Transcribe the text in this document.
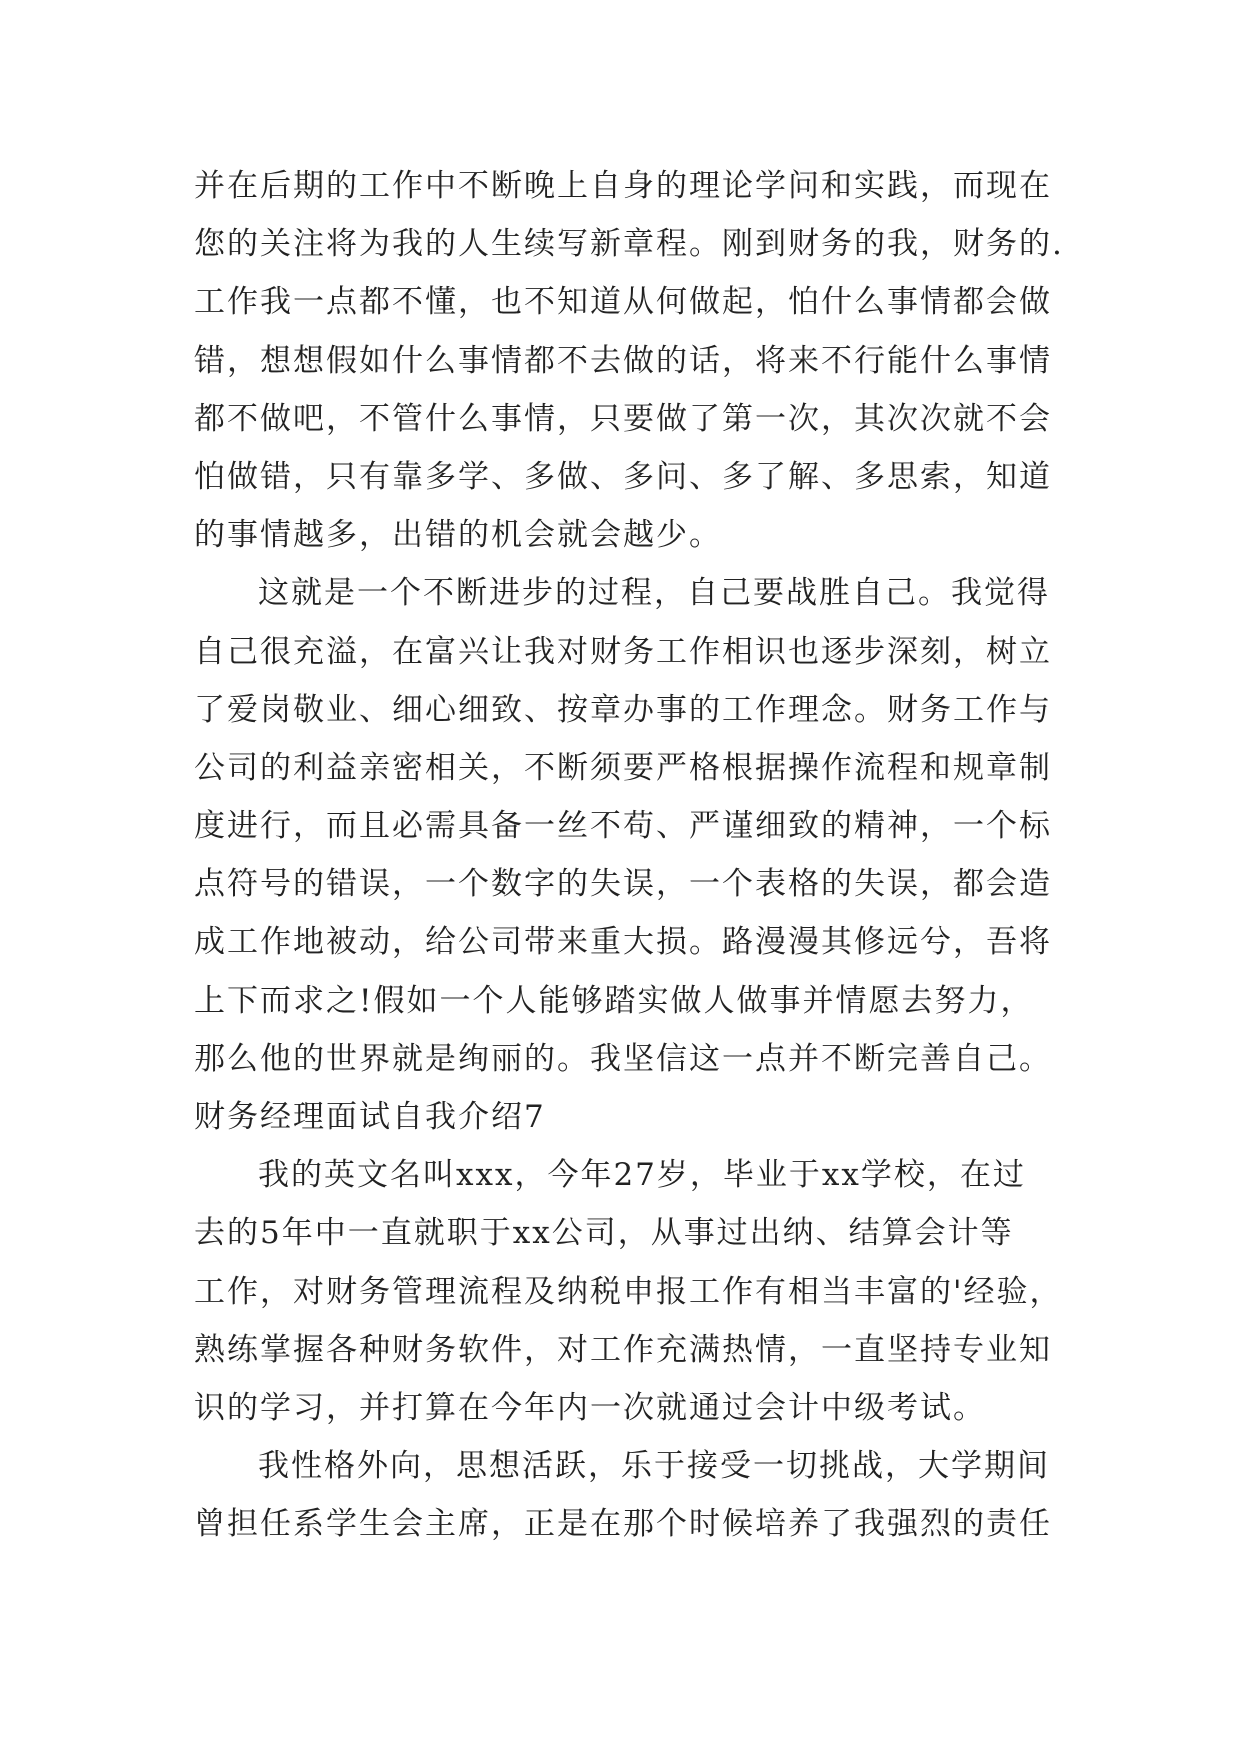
并在后期的工作中不断晚上自身的理论学问和实践，而现在
您的关注将为我的人生续写新章程。刚到财务的我，财务的.
工作我一点都不懂，也不知道从何做起，怕什么事情都会做
错，想想假如什么事情都不去做的话，将来不行能什么事情
都不做吧，不管什么事情，只要做了第一次，其次次就不会
怕做错，只有靠多学、多做、多问、多了解、多思索，知道
的事情越多，出错的机会就会越少。
这就是一个不断进步的过程，自己要战胜自己。我觉得
自己很充溢，在富兴让我对财务工作相识也逐步深刻，树立
了爱岗敬业、细心细致、按章办事的工作理念。财务工作与
公司的利益亲密相关，不断须要严格根据操作流程和规章制
度进行，而且必需具备一丝不苟、严谨细致的精神，一个标
点符号的错误，一个数字的失误，一个表格的失误，都会造
成工作地被动，给公司带来重大损。路漫漫其修远兮，吾将
上下而求之!假如一个人能够踏实做人做事并情愿去努力，
那么他的世界就是绚丽的。我坚信这一点并不断完善自己。
财务经理面试自我介绍7
我的英文名叫xxx，今年27岁，毕业于xx学校，在过
去的5年中一直就职于xx公司，从事过出纳、结算会计等
工作，对财务管理流程及纳税申报工作有相当丰富的'经验，
熟练掌握各种财务软件，对工作充满热情，一直坚持专业知
识的学习，并打算在今年内一次就通过会计中级考试。
我性格外向，思想活跃，乐于接受一切挑战，大学期间
曾担任系学生会主席，正是在那个时候培养了我强烈的责任
